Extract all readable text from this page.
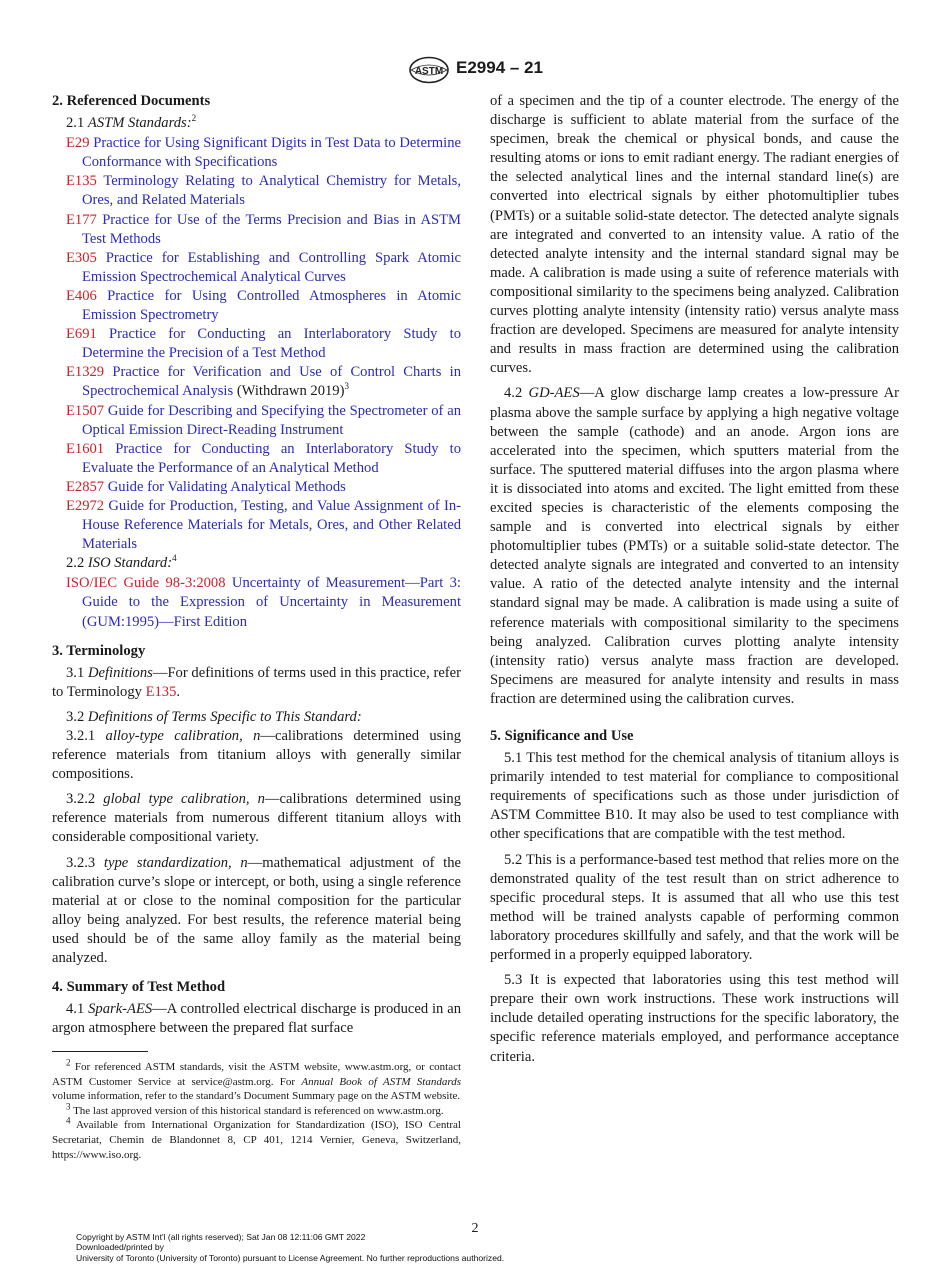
ASTM E2994 – 21
2. Referenced Documents
2.1 ASTM Standards:$^2$
E29 Practice for Using Significant Digits in Test Data to Determine Conformance with Specifications
E135 Terminology Relating to Analytical Chemistry for Metals, Ores, and Related Materials
E177 Practice for Use of the Terms Precision and Bias in ASTM Test Methods
E305 Practice for Establishing and Controlling Spark Atomic Emission Spectrochemical Analytical Curves
E406 Practice for Using Controlled Atmospheres in Atomic Emission Spectrometry
E691 Practice for Conducting an Interlaboratory Study to Determine the Precision of a Test Method
E1329 Practice for Verification and Use of Control Charts in Spectrochemical Analysis (Withdrawn 2019)$^3$
E1507 Guide for Describing and Specifying the Spectrometer of an Optical Emission Direct-Reading Instrument
E1601 Practice for Conducting an Interlaboratory Study to Evaluate the Performance of an Analytical Method
E2857 Guide for Validating Analytical Methods
E2972 Guide for Production, Testing, and Value Assignment of In-House Reference Materials for Metals, Ores, and Other Related Materials
2.2 ISO Standard:$^4$
ISO/IEC Guide 98-3:2008 Uncertainty of Measurement—Part 3: Guide to the Expression of Uncertainty in Measurement (GUM:1995)—First Edition
3. Terminology

3.1 Definitions—For definitions of terms used in this practice, refer to Terminology E135.

3.2 Definitions of Terms Specific to This Standard:

3.2.1 alloy-type calibration, n—calibrations determined using reference materials from titanium alloys with generally similar compositions.

3.2.2 global type calibration, n—calibrations determined using reference materials from numerous different titanium alloys with considerable compositional variety.

3.2.3 type standardization, n—mathematical adjustment of the calibration curve’s slope or intercept, or both, using a single reference material at or close to the nominal composition for the particular alloy being analyzed. For best results, the reference material being used should be of the same alloy family as the material being analyzed.

4. Summary of Test Method

4.1 Spark-AES—A controlled electrical discharge is produced in an argon atmosphere between the prepared flat surface

of a specimen and the tip of a counter electrode. The energy of the discharge is sufficient to ablate material from the surface of the specimen, break the chemical or physical bonds, and cause the resulting atoms or ions to emit radiant energy. The radiant energies of the selected analytical lines and the internal standard line(s) are converted into electrical signals by either photomultiplier tubes (PMTs) or a suitable solid-state detector. The detected analyte signals are integrated and converted to an intensity value. A ratio of the detected analyte intensity and the internal standard signal may be made. A calibration is made using a suite of reference materials with compositional similarity to the specimens being analyzed. Calibration curves plotting analyte intensity (intensity ratio) versus analyte mass fraction are developed. Specimens are measured for analyte intensity and results in mass fraction are determined using the calibration curves.

4.2 GD-AES—A glow discharge lamp creates a low-pressure Ar plasma above the sample surface by applying a high negative voltage between the sample (cathode) and an anode. Argon ions are accelerated into the specimen, which sputters material from the surface. The sputtered material diffuses into the argon plasma where it is dissociated into atoms and excited. The light emitted from these excited species is characteristic of the elements composing the sample and is converted into electrical signals by either photomultiplier tubes (PMTs) or a suitable solid-state detector. The detected analyte signals are integrated and converted to an intensity value. A ratio of the detected analyte intensity and the internal standard signal may be made. A calibration is made using a suite of reference materials with compositional similarity to the specimens being analyzed. Calibration curves plotting analyte intensity (intensity ratio) versus analyte mass fraction are developed. Specimens are measured for analyte intensity and results in mass fraction are determined using the calibration curves.

5. Significance and Use

5.1 This test method for the chemical analysis of titanium alloys is primarily intended to test material for compliance to compositional requirements of specifications such as those under jurisdiction of ASTM Committee B10. It may also be used to test compliance with other specifications that are compatible with the test method.

5.2 This is a performance-based test method that relies more on the demonstrated quality of the test result than on strict adherence to specific procedural steps. It is assumed that all who use this test method will be trained analysts capable of performing common laboratory procedures skillfully and safely, and that the work will be performed in a properly equipped laboratory.

5.3 It is expected that laboratories using this test method will prepare their own work instructions. These work instructions will include detailed operating instructions for the specific laboratory, the specific reference materials employed, and performance acceptance criteria.

$^2$ For referenced ASTM standards, visit the ASTM website, www.astm.org, or contact ASTM Customer Service at service@astm.org. For Annual Book of ASTM Standards volume information, refer to the standard’s Document Summary page on the ASTM website.

$^3$ The last approved version of this historical standard is referenced on www.astm.org.

$^4$ Available from International Organization for Standardization (ISO), ISO Central Secretariat, Chemin de Blandonnet 8, CP 401, 1214 Vernier, Geneva, Switzerland, https://www.iso.org.

2
Copyright by ASTM Int'l (all rights reserved); Sat Jan 08 12:11:06 GMT 2022
Downloaded/printed by
University of Toronto (University of Toronto) pursuant to License Agreement. No further reproductions authorized.
